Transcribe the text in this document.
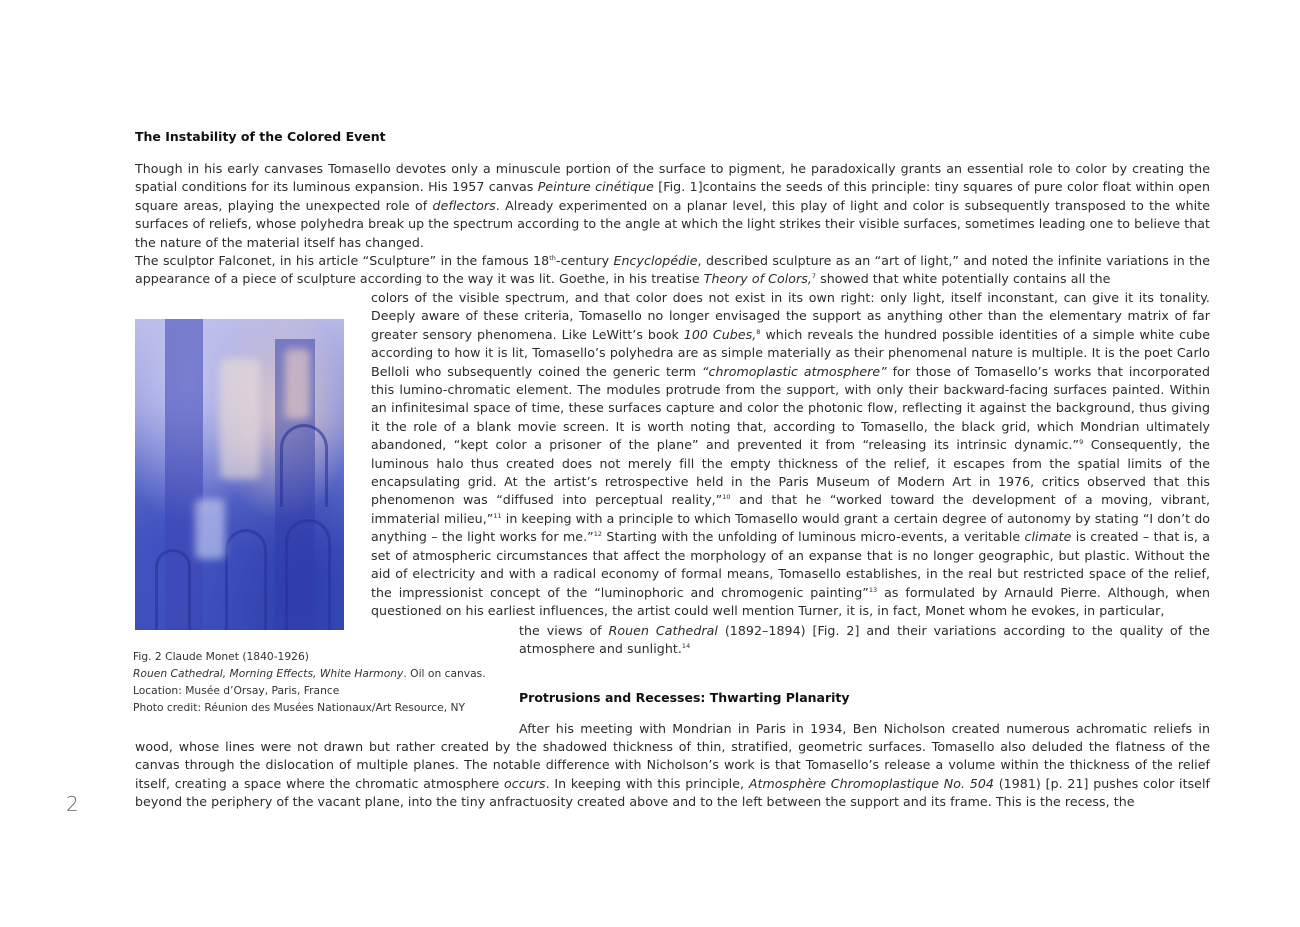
2
The Instability of the Colored Event

Though in his early canvases Tomasello devotes only a minuscule portion of the surface to pigment, he paradoxically grants an essential role to color by creating the spatial conditions for its luminous expansion. His 1957 canvas Peinture cinétique [Fig. 1]contains the seeds of this principle: tiny squares of pure color float within open square areas, playing the unexpected role of deflectors. Already experimented on a planar level, this play of light and color is subsequently transposed to the white surfaces of reliefs, whose polyhedra break up the spectrum according to the angle at which the light strikes their visible surfaces, sometimes leading one to believe that the nature of the material itself has changed.

The sculptor Falconet, in his article “Sculpture” in the famous 18th-century Encyclopédie, described sculpture as an “art of light,” and noted the infinite variations in the appearance of a piece of sculpture according to the way it was lit. Goethe, in his treatise Theory of Colors,$^7$ showed that white potentially contains all the

colors of the visible spectrum, and that color does not exist in its own right: only light, itself inconstant, can give it its tonality. Deeply aware of these criteria, Tomasello no longer envisaged the support as anything other than the elementary matrix of far greater sensory phenomena. Like LeWitt’s book 100 Cubes,$^8$ which reveals the hundred possible identities of a simple white cube according to how it is lit, Tomasello’s polyhedra are as simple materially as their phenomenal nature is multiple. It is the poet Carlo Belloli who subsequently coined the generic term “chromoplastic atmosphere” for those of Tomasello’s works that incorporated this lumino-chromatic element. The modules protrude from the support, with only their backward-facing surfaces painted. Within an infinitesimal space of time, these surfaces capture and color the photonic flow, reflecting it against the background, thus giving it the role of a blank movie screen. It is worth noting that, according to Tomasello, the black grid, which Mondrian ultimately abandoned, “kept color a prisoner of the plane” and prevented it from “releasing its intrinsic dynamic.”$^9$ Consequently, the luminous halo thus created does not merely fill the empty thickness of the relief, it escapes from the spatial limits of the encapsulating grid. At the artist’s retrospective held in the Paris Museum of Modern Art in 1976, critics observed that this phenomenon was “diffused into perceptual reality,”$^{10}$ and that he “worked toward the development of a moving, vibrant, immaterial milieu,”$^{11}$ in keeping with a principle to which Tomasello would grant a certain degree of autonomy by stating “I don’t do anything – the light works for me.”$^{12}$ Starting with the unfolding of luminous micro-events, a veritable climate is created – that is, a set of atmospheric circumstances that affect the morphology of an expanse that is no longer geographic, but plastic. Without the aid of electricity and with a radical economy of formal means, Tomasello establishes, in the real but restricted space of the relief, the impressionist concept of the “luminophoric and chromogenic painting”$^{13}$ as formulated by Arnauld Pierre. Although, when questioned on his earliest influences, the artist could well mention Turner, it is, in fact, Monet whom he evokes, in particular,

the views of Rouen Cathedral (1892–1894) [Fig. 2] and their variations according to the quality of the atmosphere and sunlight.$^{14}$

Fig. 2 Claude Monet (1840-1926)
Rouen Cathedral, Morning Effects, White Harmony. Oil on canvas.
Location: Musée d’Orsay, Paris, France
Photo credit: Réunion des Musées Nationaux/Art Resource, NY
Protrusions and Recesses: Thwarting Planarity
After his meeting with Mondrian in Paris in 1934, Ben Nicholson created numerous achromatic reliefs in

wood, whose lines were not drawn but rather created by the shadowed thickness of thin, stratified, geometric surfaces. Tomasello also deluded the flatness of the canvas through the dislocation of multiple planes. The notable difference with Nicholson’s work is that Tomasello’s release a volume within the thickness of the relief itself, creating a space where the chromatic atmosphere occurs. In keeping with this principle, Atmosphère Chromoplastique No. 504 (1981) [p. 21] pushes color itself beyond the periphery of the vacant plane, into the tiny anfractuosity created above and to the left between the support and its frame. This is the recess, the
